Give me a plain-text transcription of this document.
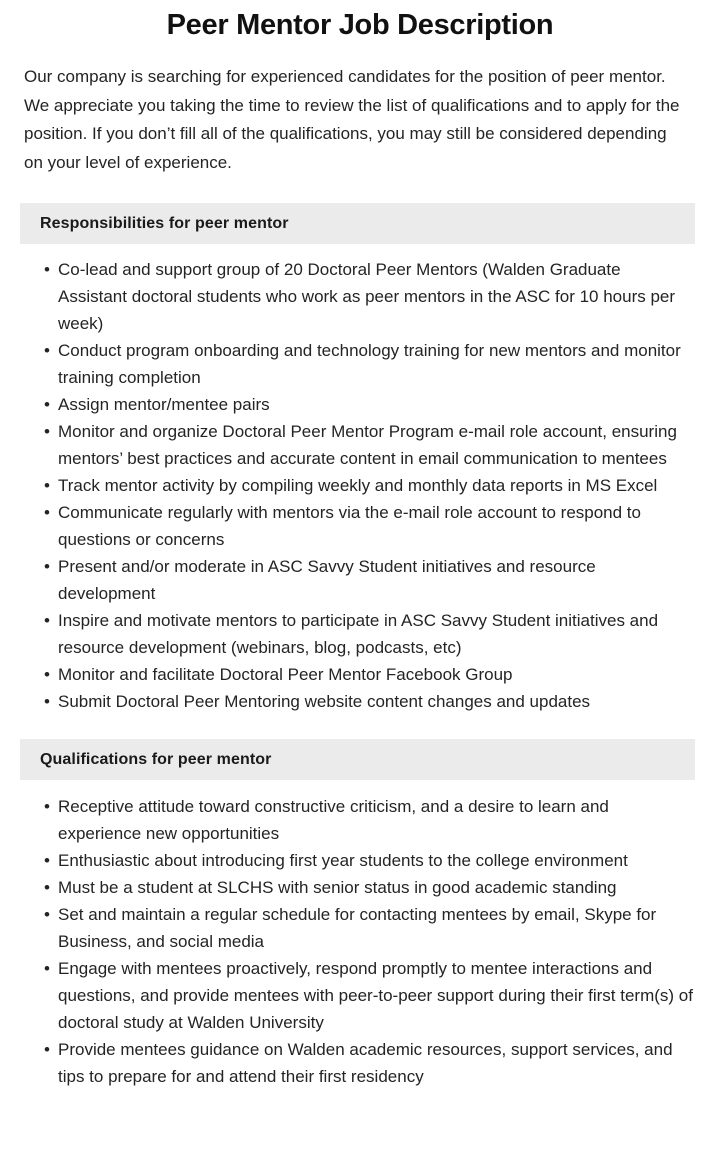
Peer Mentor Job Description

Our company is searching for experienced candidates for the position of peer mentor. We appreciate you taking the time to review the list of qualifications and to apply for the position. If you don’t fill all of the qualifications, you may still be considered depending on your level of experience.

Responsibilities for peer mentor
• Co-lead and support group of 20 Doctoral Peer Mentors (Walden Graduate Assistant doctoral students who work as peer mentors in the ASC for 10 hours per week)
• Conduct program onboarding and technology training for new mentors and monitor training completion
• Assign mentor/mentee pairs
• Monitor and organize Doctoral Peer Mentor Program e-mail role account, ensuring mentors’ best practices and accurate content in email communication to mentees
• Track mentor activity by compiling weekly and monthly data reports in MS Excel
• Communicate regularly with mentors via the e-mail role account to respond to questions or concerns
• Present and/or moderate in ASC Savvy Student initiatives and resource development
• Inspire and motivate mentors to participate in ASC Savvy Student initiatives and resource development (webinars, blog, podcasts, etc)
• Monitor and facilitate Doctoral Peer Mentor Facebook Group
• Submit Doctoral Peer Mentoring website content changes and updates
Qualifications for peer mentor
• Receptive attitude toward constructive criticism, and a desire to learn and experience new opportunities
• Enthusiastic about introducing first year students to the college environment
• Must be a student at SLCHS with senior status in good academic standing
• Set and maintain a regular schedule for contacting mentees by email, Skype for Business, and social media
• Engage with mentees proactively, respond promptly to mentee interactions and questions, and provide mentees with peer-to-peer support during their first term(s) of doctoral study at Walden University
• Provide mentees guidance on Walden academic resources, support services, and tips to prepare for and attend their first residency
